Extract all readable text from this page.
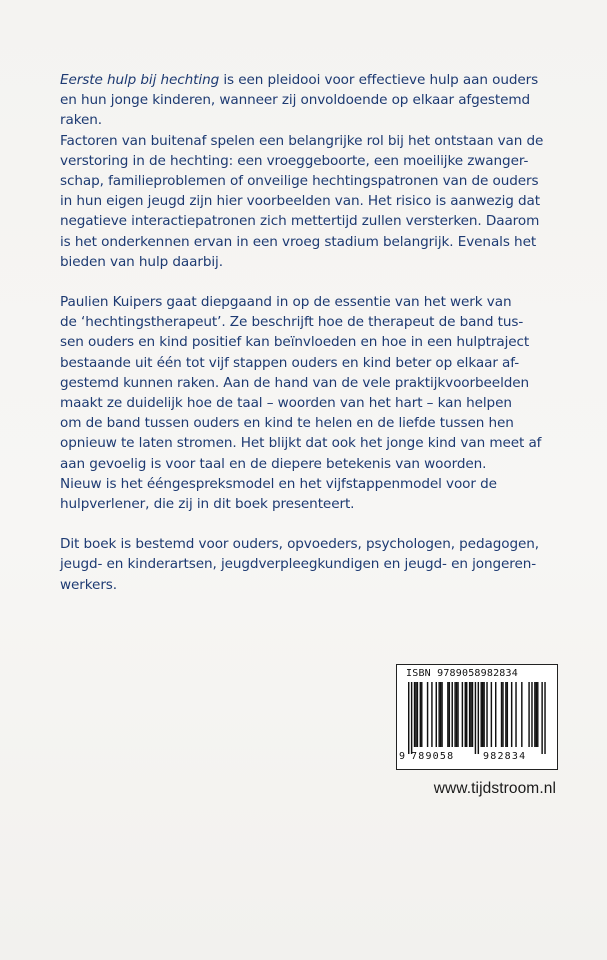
Eerste hulp bij hechting is een pleidooi voor effectieve hulp aan ouders
en hun jonge kinderen, wanneer zij onvoldoende op elkaar afgestemd
raken.
Factoren van buitenaf spelen een belangrijke rol bij het ontstaan van de
verstoring in de hechting: een vroeggeboorte, een moeilijke zwanger-
schap, familieproblemen of onveilige hechtingspatronen van de ouders
in hun eigen jeugd zijn hier voorbeelden van. Het risico is aanwezig dat
negatieve interactiepatronen zich mettertijd zullen versterken. Daarom
is het onderkennen ervan in een vroeg stadium belangrijk. Evenals het
bieden van hulp daarbij.

Paulien Kuipers gaat diepgaand in op de essentie van het werk van
de ‘hechtingstherapeut’. Ze beschrijft hoe de therapeut de band tus-
sen ouders en kind positief kan beïnvloeden en hoe in een hulptraject
bestaande uit één tot vijf stappen ouders en kind beter op elkaar af-
gestemd kunnen raken. Aan de hand van de vele praktijkvoorbeelden
maakt ze duidelijk hoe de taal – woorden van het hart – kan helpen
om de band tussen ouders en kind te helen en de liefde tussen hen
opnieuw te laten stromen. Het blijkt dat ook het jonge kind van meet af
aan gevoelig is voor taal en de diepere betekenis van woorden.
Nieuw is het ééngespreksmodel en het vijfstappenmodel voor de
hulpverlener, die zij in dit boek presenteert.

Dit boek is bestemd voor ouders, opvoeders, psychologen, pedagogen,
jeugd- en kinderartsen, jeugdverpleegkundigen en jeugd- en jongeren-
werkers.

ISBN 9789058982834
9 789058	982834
www.tijdstroom.nl
